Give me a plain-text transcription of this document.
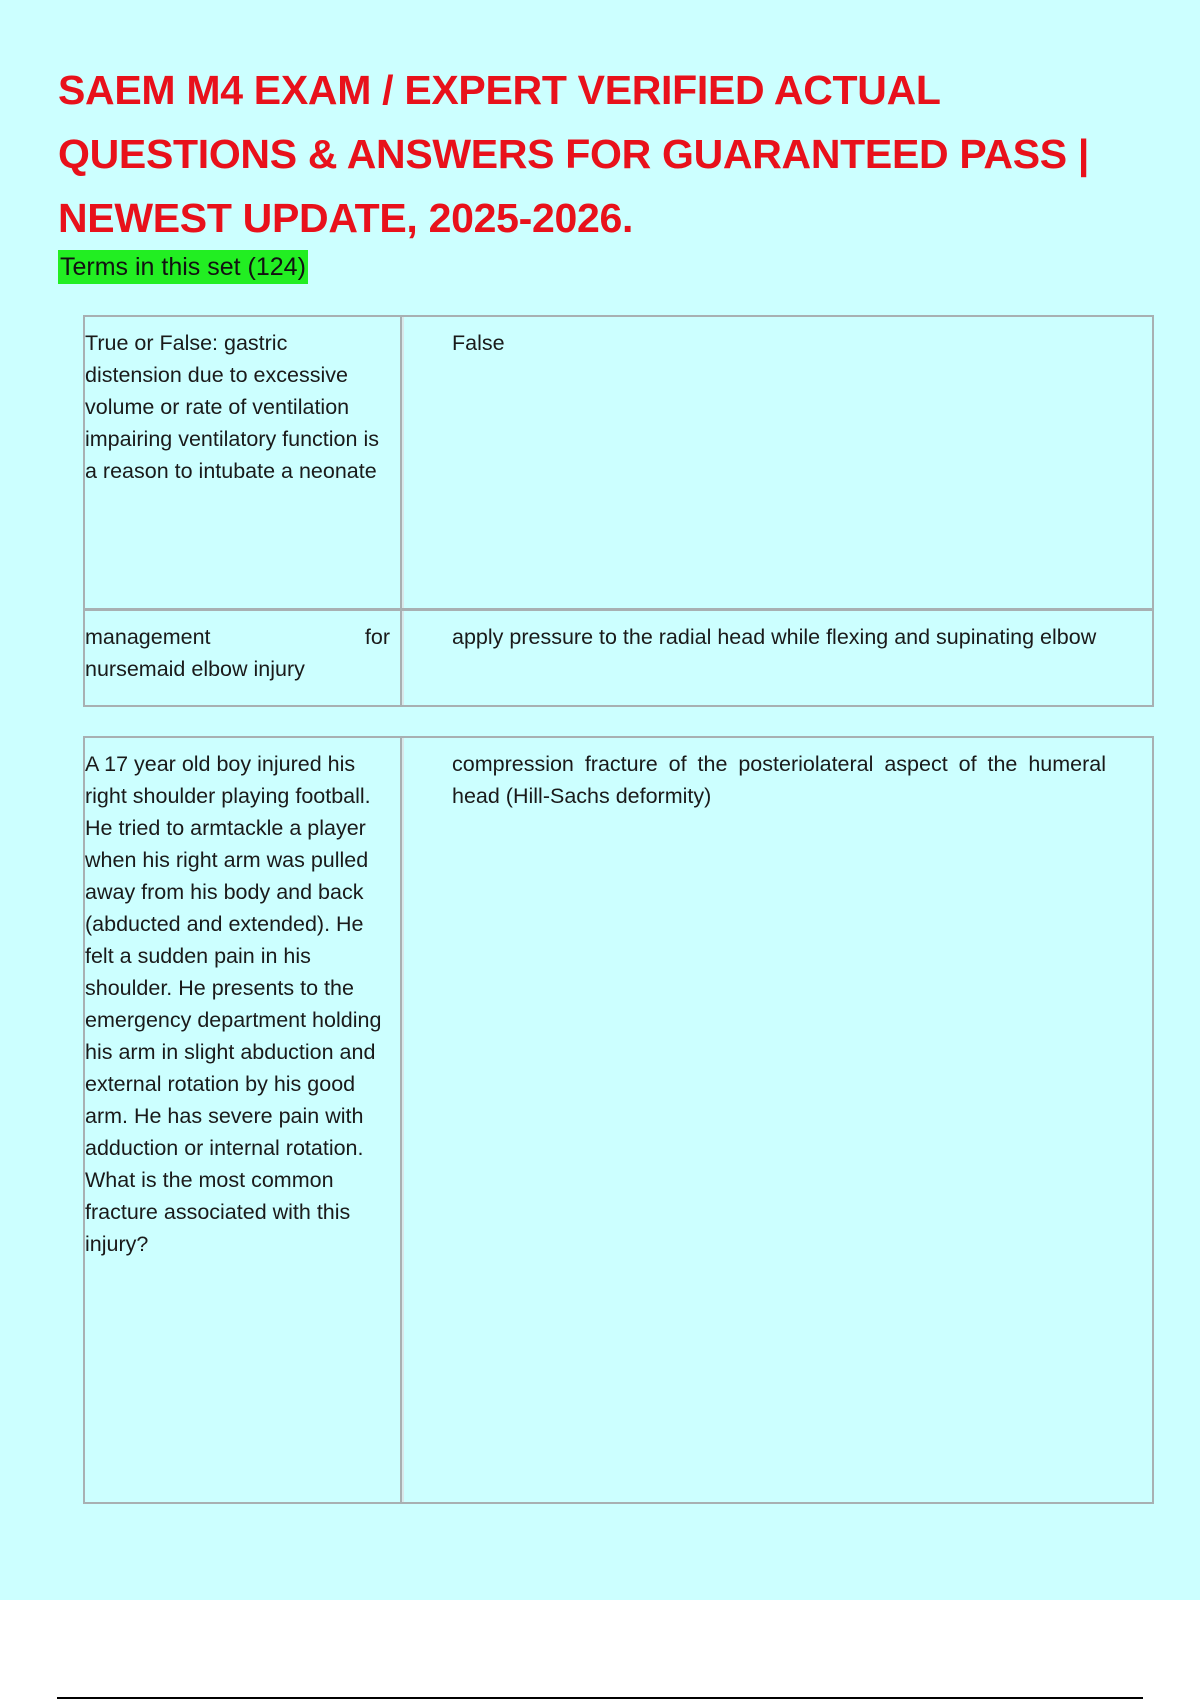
SAEM M4 EXAM / EXPERT VERIFIED ACTUAL
QUESTIONS & ANSWERS FOR GUARANTEED PASS |
NEWEST UPDATE, 2025-2026.
Terms in this set (124)
True or False: gastric distension due to excessive volume or rate of ventilation impairing ventilatory function is a reason to intubate a neonate
False
management for
nursemaid elbow injury
apply pressure to the radial head while flexing and supinating elbow
A 17 year old boy injured his right shoulder playing football. He tried to armtackle a player when his right arm was pulled away from his body and back (abducted and extended). He felt a sudden pain in his shoulder. He presents to the emergency department holding his arm in slight abduction and external rotation by his good arm. He has severe pain with adduction or internal rotation. What is the most common fracture associated with this injury?
compression fracture of the posteriolateral aspect of the humeral head (Hill-Sachs deformity)
